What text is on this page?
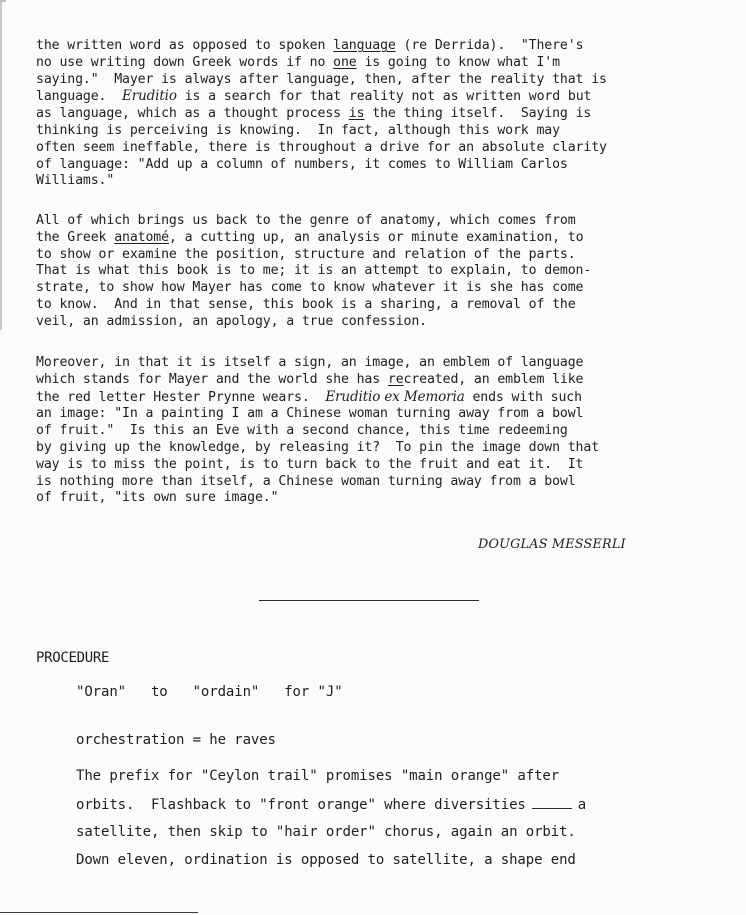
the written word as opposed to spoken language (re Derrida).  "There's
no use writing down Greek words if no one is going to know what I'm
saying."  Mayer is always after language, then, after the reality that is
language.  Eruditio is a search for that reality not as written word but
as language, which as a thought process is the thing itself.  Saying is
thinking is perceiving is knowing.  In fact, although this work may
often seem ineffable, there is throughout a drive for an absolute clarity
of language: "Add up a column of numbers, it comes to William Carlos
Williams."
All of which brings us back to the genre of anatomy, which comes from
the Greek anatomé, a cutting up, an analysis or minute examination, to
to show or examine the position, structure and relation of the parts.
That is what this book is to me; it is an attempt to explain, to demon-
strate, to show how Mayer has come to know whatever it is she has come
to know.  And in that sense, this book is a sharing, a removal of the
veil, an admission, an apology, a true confession.
Moreover, in that it is itself a sign, an image, an emblem of language
which stands for Mayer and the world she has recreated, an emblem like
the red letter Hester Prynne wears.  Eruditio ex Memoria ends with such
an image: "In a painting I am a Chinese woman turning away from a bowl
of fruit."  Is this an Eve with a second chance, this time redeeming
by giving up the knowledge, by releasing it?  To pin the image down that
way is to miss the point, is to turn back to the fruit and eat it.  It
is nothing more than itself, a Chinese woman turning away from a bowl
of fruit, "its own sure image."
DOUGLAS MESSERLI
PROCEDURE
"Oran"   to   "ordain"   for "J"
orchestration = he raves
The prefix for "Ceylon trail" promises "main orange" after
orbits.  Flashback to "front orange" where diversities	a
satellite, then skip to "hair order" chorus, again an orbit.
Down eleven, ordination is opposed to satellite, a shape end
